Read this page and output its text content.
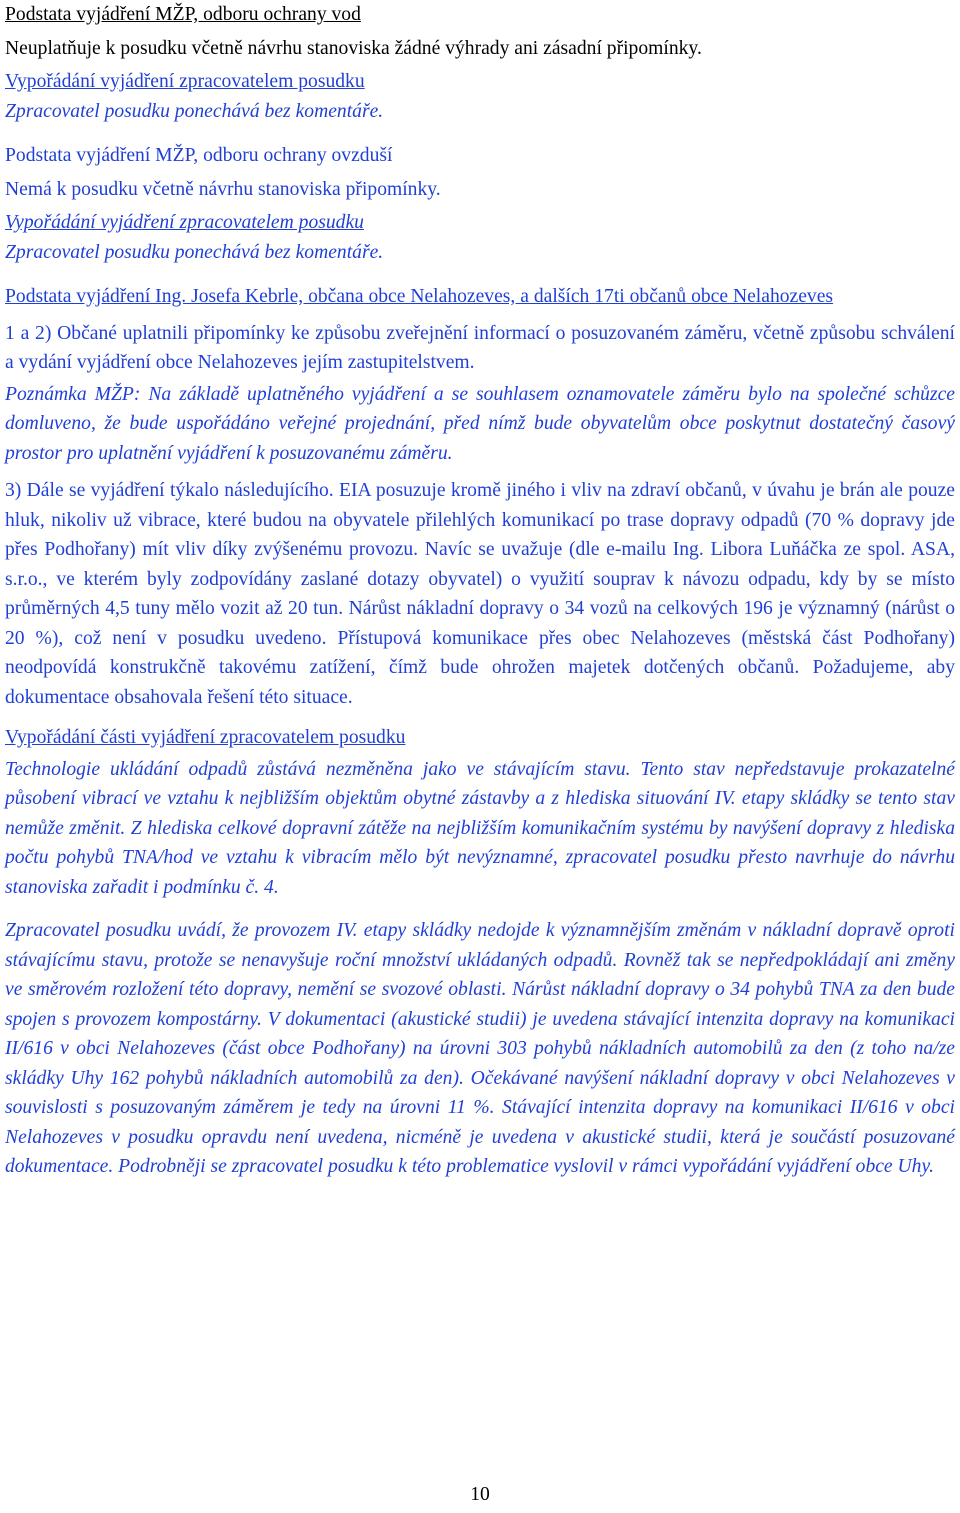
Podstata vyjádření MŽP, odboru ochrany vod

Neuplatňuje k posudku včetně návrhu stanoviska žádné výhrady ani zásadní připomínky.

Vypořádání vyjádření zpracovatelem posudku

Zpracovatel posudku ponechává bez komentáře.

Podstata vyjádření MŽP, odboru ochrany ovzduší

Nemá k posudku včetně návrhu stanoviska připomínky.

Vypořádání vyjádření zpracovatelem posudku

Zpracovatel posudku ponechává bez komentáře.

Podstata vyjádření Ing. Josefa Kebrle, občana obce Nelahozeves, a dalších 17ti občanů obce Nelahozeves

1 a 2) Občané uplatnili připomínky ke způsobu zveřejnění informací o posuzovaném záměru, včetně způsobu schválení a vydání vyjádření obce Nelahozeves jejím zastupitelstvem.

Poznámka MŽP: Na základě uplatněného vyjádření a se souhlasem oznamovatele záměru bylo na společné schůzce domluveno, že bude uspořádáno veřejné projednání, před nímž bude obyvatelům obce poskytnut dostatečný časový prostor pro uplatnění vyjádření k posuzovanému záměru.

3) Dále se vyjádření týkalo následujícího. EIA posuzuje kromě jiného i vliv na zdraví občanů, v úvahu je brán ale pouze hluk, nikoliv už vibrace, které budou na obyvatele přilehlých komunikací po trase dopravy odpadů (70 % dopravy jde přes Podhořany) mít vliv díky zvýšenému provozu. Navíc se uvažuje (dle e-mailu Ing. Libora Luňáčka ze spol. ASA, s.r.o., ve kterém byly zodpovídány zaslané dotazy obyvatel) o využití souprav k návozu odpadu, kdy by se místo průměrných 4,5 tuny mělo vozit až 20 tun. Nárůst nákladní dopravy o 34 vozů na celkových 196 je významný (nárůst o 20 %), což není v posudku uvedeno. Přístupová komunikace přes obec Nelahozeves (městská část Podhořany) neodpovídá konstrukčně takovému zatížení, čímž bude ohrožen majetek dotčených občanů. Požadujeme, aby dokumentace obsahovala řešení této situace.

Vypořádání části vyjádření zpracovatelem posudku

Technologie ukládání odpadů zůstává nezměněna jako ve stávajícím stavu. Tento stav nepředstavuje prokazatelné působení vibrací ve vztahu k nejbližším objektům obytné zástavby a z hlediska situování IV. etapy skládky se tento stav nemůže změnit. Z hlediska celkové dopravní zátěže na nejbližším komunikačním systému by navýšení dopravy z hlediska počtu pohybů TNA/hod ve vztahu k vibracím mělo být nevýznamné, zpracovatel posudku přesto navrhuje do návrhu stanoviska zařadit i podmínku č. 4.

Zpracovatel posudku uvádí, že provozem IV. etapy skládky nedojde k významnějším změnám v nákladní dopravě oproti stávajícímu stavu, protože se nenavyšuje roční množství ukládaných odpadů. Rovněž tak se nepředpokládají ani změny ve směrovém rozložení této dopravy, nemění se svozové oblasti. Nárůst nákladní dopravy o 34 pohybů TNA za den bude spojen s provozem kompostárny. V dokumentaci (akustické studii) je uvedena stávající intenzita dopravy na komunikaci II/616 v obci Nelahozeves (část obce Podhořany) na úrovni 303 pohybů nákladních automobilů za den (z toho na/ze skládky Uhy 162 pohybů nákladních automobilů za den). Očekávané navýšení nákladní dopravy v obci Nelahozeves v souvislosti s posuzovaným záměrem je tedy na úrovni 11 %. Stávající intenzita dopravy na komunikaci II/616 v obci Nelahozeves v posudku opravdu není uvedena, nicméně je uvedena v akustické studii, která je součástí posuzované dokumentace. Podrobněji se zpracovatel posudku k této problematice vyslovil v rámci vypořádání vyjádření obce Uhy.

10
